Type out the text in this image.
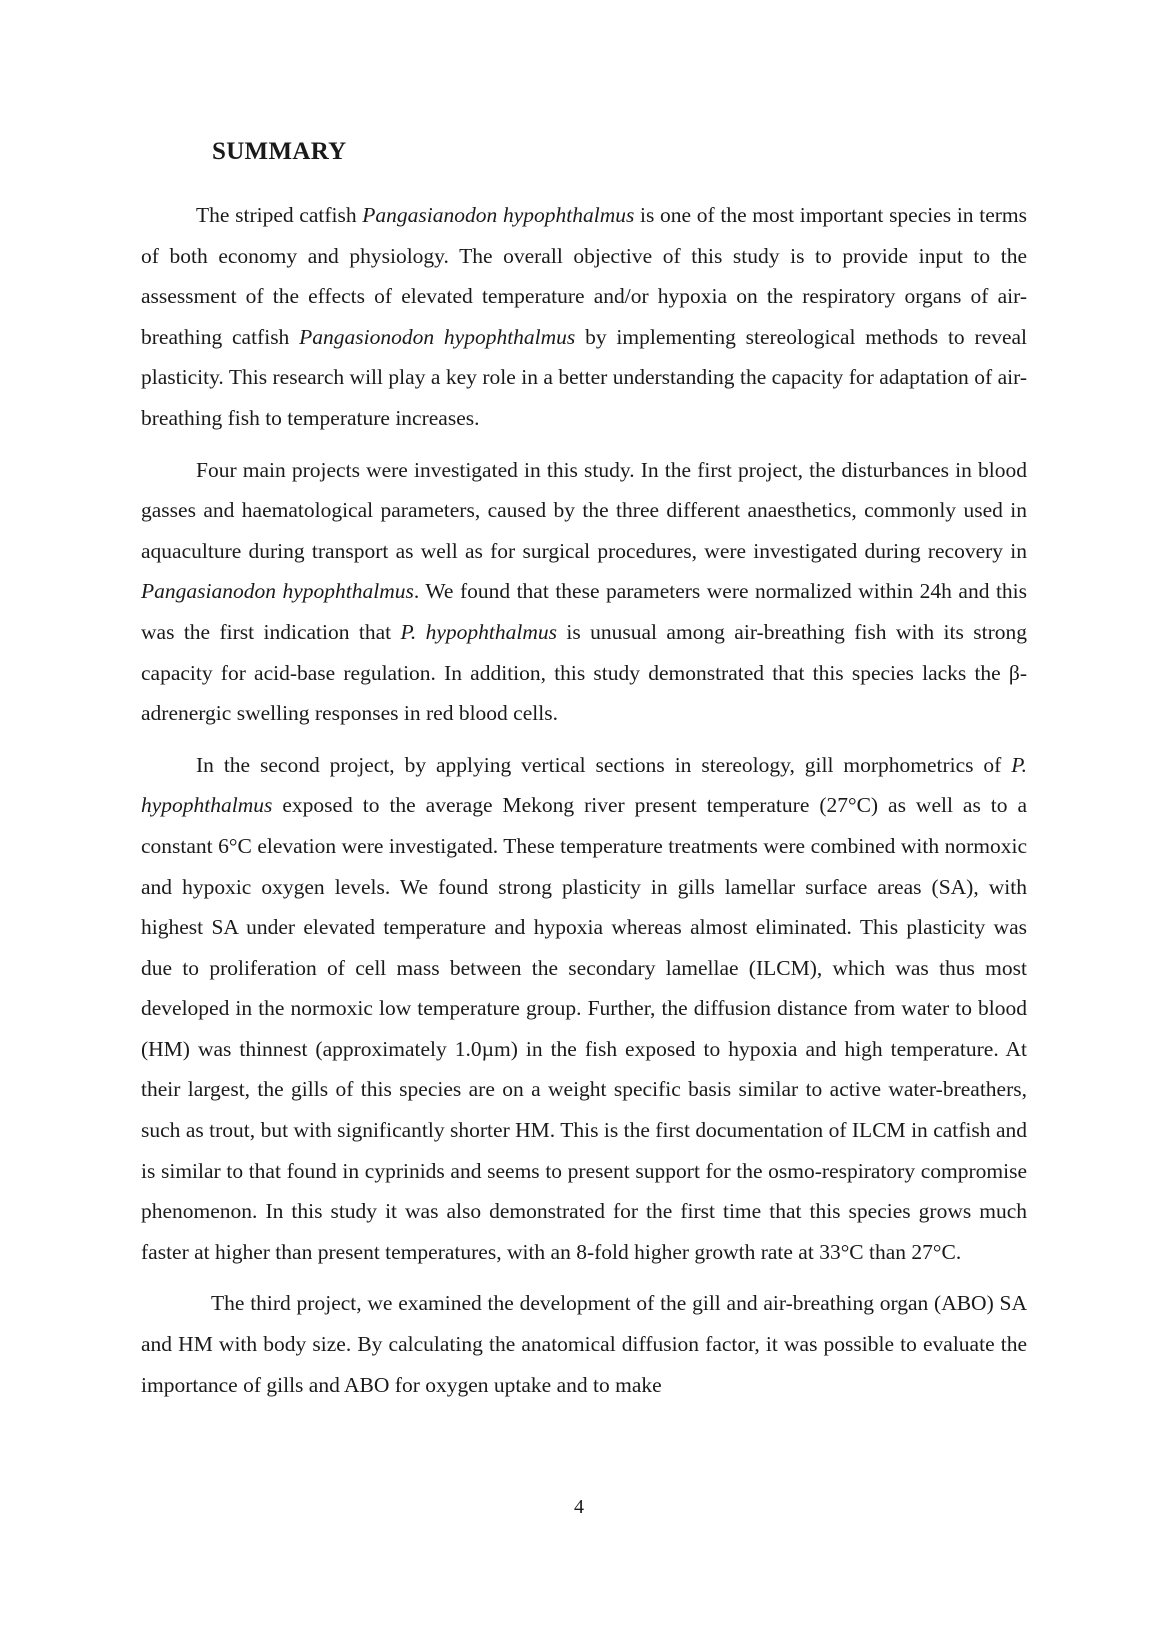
SUMMARY

The striped catfish Pangasianodon hypophthalmus is one of the most important species in terms of both economy and physiology. The overall objective of this study is to provide input to the assessment of the effects of elevated temperature and/or hypoxia on the respiratory organs of air-breathing catfish Pangasionodon hypophthalmus by implementing stereological methods to reveal plasticity. This research will play a key role in a better understanding the capacity for adaptation of air-breathing fish to temperature increases.

Four main projects were investigated in this study. In the first project, the disturbances in blood gasses and haematological parameters, caused by the three different anaesthetics, commonly used in aquaculture during transport as well as for surgical procedures, were investigated during recovery in Pangasianodon hypophthalmus. We found that these parameters were normalized within 24h and this was the first indication that P. hypophthalmus is unusual among air-breathing fish with its strong capacity for acid-base regulation. In addition, this study demonstrated that this species lacks the β-adrenergic swelling responses in red blood cells.

In the second project, by applying vertical sections in stereology, gill morphometrics of P. hypophthalmus exposed to the average Mekong river present temperature (27°C) as well as to a constant 6°C elevation were investigated. These temperature treatments were combined with normoxic and hypoxic oxygen levels. We found strong plasticity in gills lamellar surface areas (SA), with highest SA under elevated temperature and hypoxia whereas almost eliminated. This plasticity was due to proliferation of cell mass between the secondary lamellae (ILCM), which was thus most developed in the normoxic low temperature group. Further, the diffusion distance from water to blood (HM) was thinnest (approximately 1.0µm) in the fish exposed to hypoxia and high temperature. At their largest, the gills of this species are on a weight specific basis similar to active water-breathers, such as trout, but with significantly shorter HM. This is the first documentation of ILCM in catfish and is similar to that found in cyprinids and seems to present support for the osmo-respiratory compromise phenomenon. In this study it was also demonstrated for the first time that this species grows much faster at higher than present temperatures, with an 8-fold higher growth rate at 33°C than 27°C.

The third project, we examined the development of the gill and air-breathing organ (ABO) SA and HM with body size. By calculating the anatomical diffusion factor, it was possible to evaluate the importance of gills and ABO for oxygen uptake and to make

4
